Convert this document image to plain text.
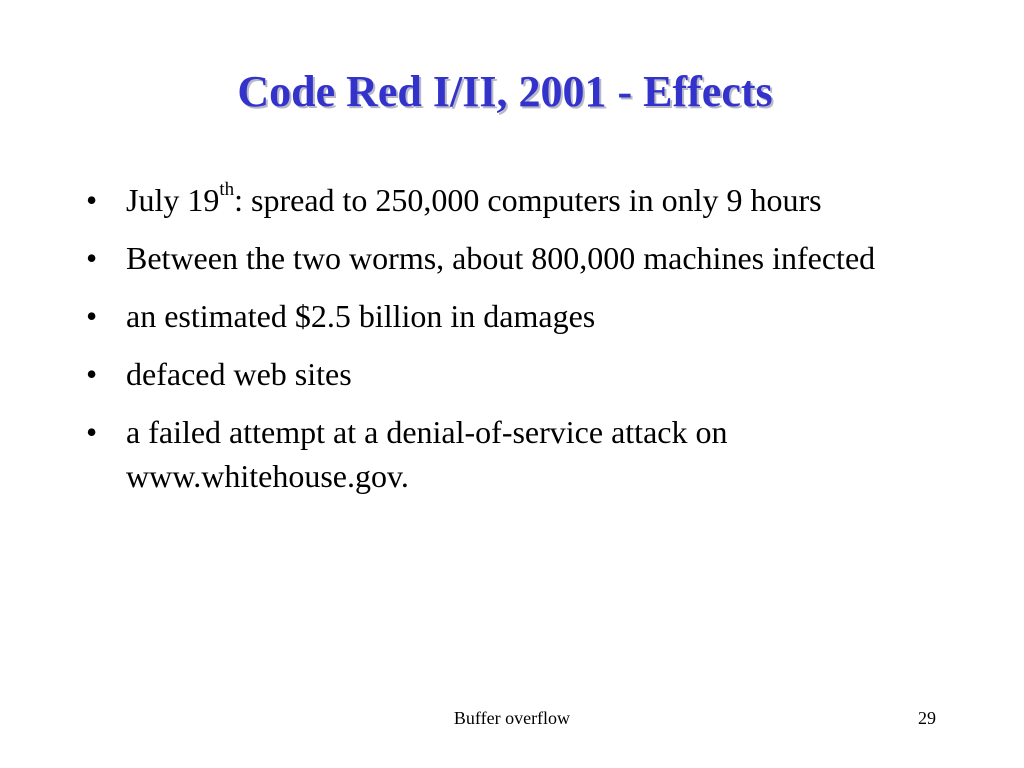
Code Red I/II, 2001 - Effects
• July 19th: spread to 250,000 computers in only 9 hours
• Between the two worms, about 800,000 machines infected
• an estimated $2.5 billion in damages
• defaced web sites
• a failed attempt at a denial-of-service attack on www.whitehouse.gov.
Buffer overflow	29
